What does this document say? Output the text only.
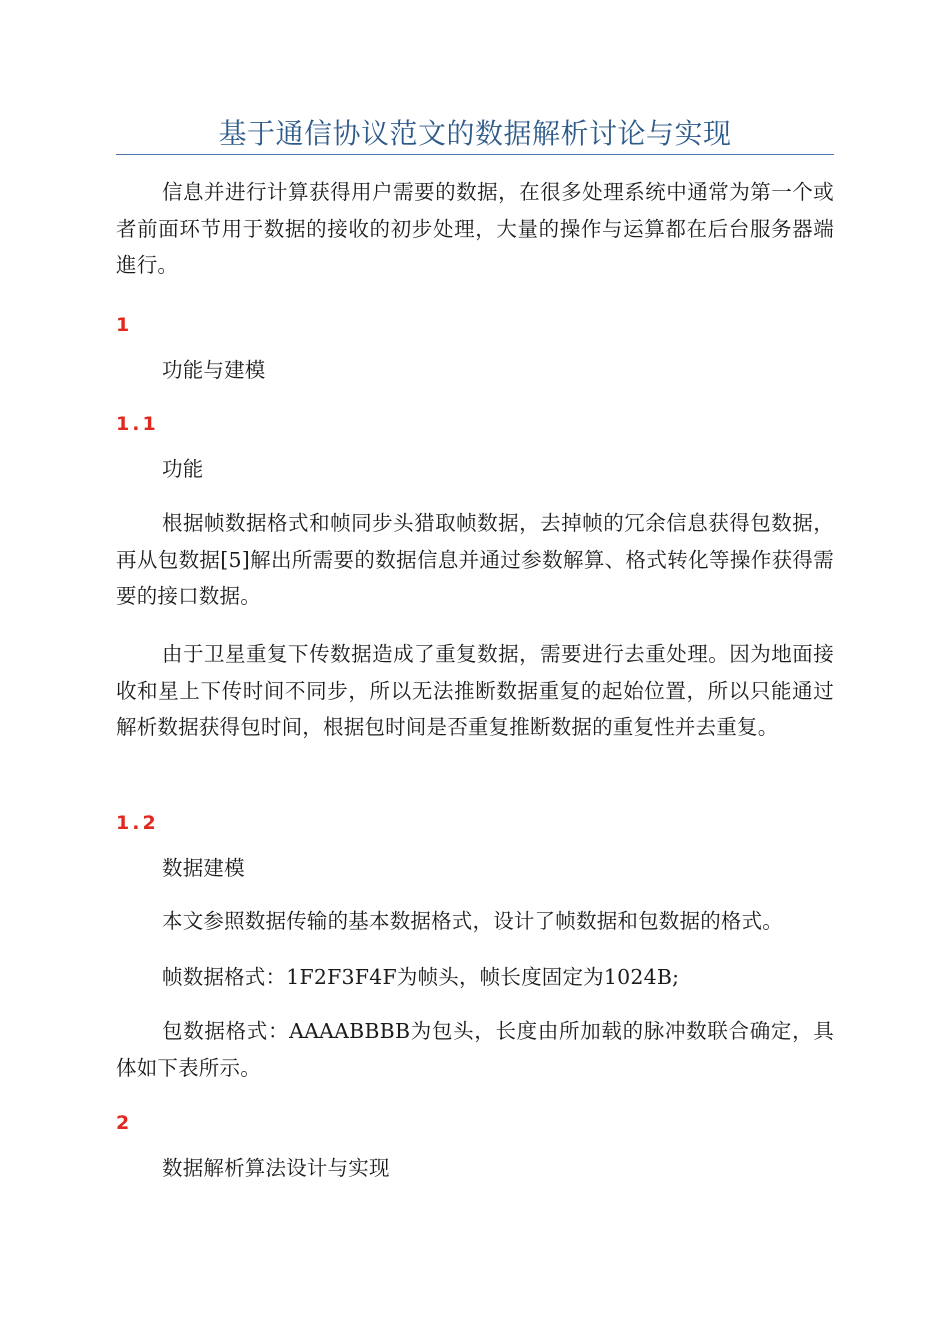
基于通信协议范文的数据解析讨论与实现
信息并进行计算获得用户需要的数据，在很多处理系统中通常为第一个或者前面环节用于数据的接收的初步处理，大量的操作与运算都在后台服务器端進行。
1
功能与建模
1.1
功能
根据帧数据格式和帧同步头猎取帧数据，去掉帧的冗余信息获得包数据，再从包数据[5]解出所需要的数据信息并通过参数解算、格式转化等操作获得需要的接口数据。
由于卫星重复下传数据造成了重复数据，需要进行去重处理。因为地面接收和星上下传时间不同步，所以无法推断数据重复的起始位置，所以只能通过解析数据获得包时间，根据包时间是否重复推断数据的重复性并去重复。
1.2
数据建模
本文参照数据传输的基本数据格式，设计了帧数据和包数据的格式。
帧数据格式：1F2F3F4F为帧头，帧长度固定为1024B;
包数据格式：AAAABBBB为包头，长度由所加载的脉冲数联合确定，具体如下表所示。
2
数据解析算法设计与实现
